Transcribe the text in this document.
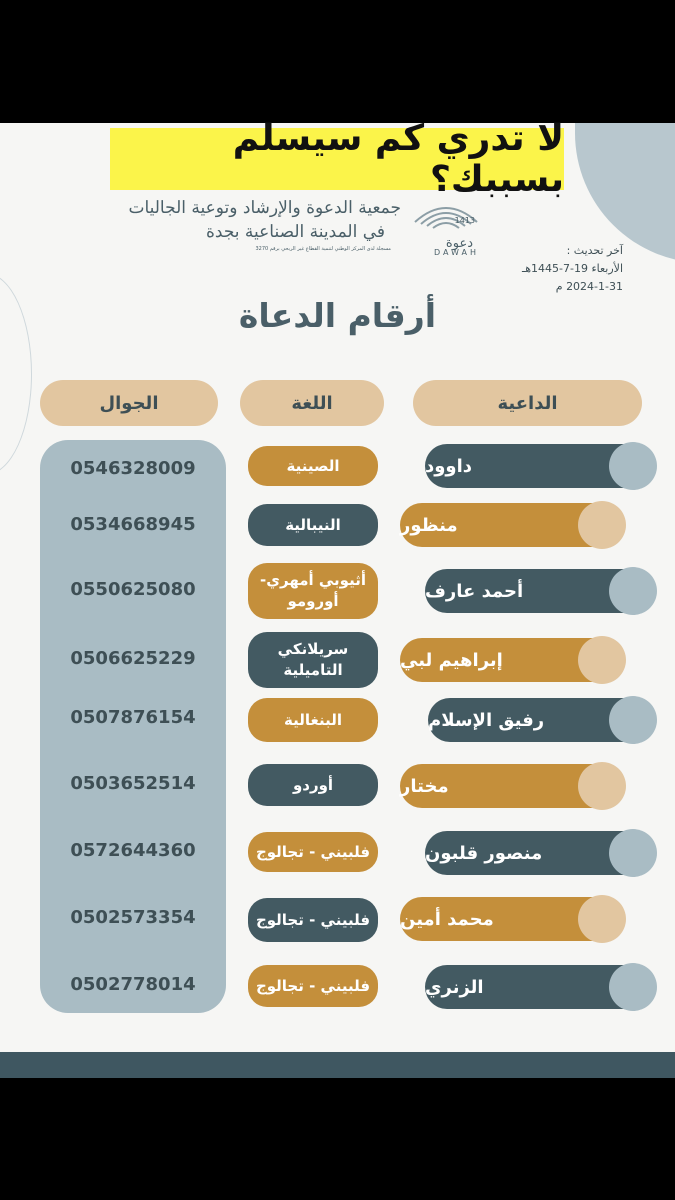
لا تدري كم سيسلم بسببك؟
1413
دعوة
DAWAH
جمعية الدعوة والإرشاد وتوعية الجاليات
في المدينة الصناعية بجدة
مسجلة لدى المركز الوطني لتنمية القطاع غير الربحي برقم 3270	آخر تحديث :
الأربعاء 19-7-1445هـ
2024-1-31 م
أرقام الدعاة
الداعية
اللغة
الجوال
داوود
الصينية
0546328009
منظور
النيبالية
0534668945
أحمد عارف
أثيوبي أمهري- أورومو
0550625080
إبراهيم لبي
سريلانكي التاميلية
0506625229
رفيق الإسلام
البنغالية
0507876154
مختار
أوردو
0503652514
منصور قلبون
فلبيني - تجالوج
0572644360
محمد أمين
فلبيني - تجالوج
0502573354
الزنري
فلبيني - تجالوج
0502778014
